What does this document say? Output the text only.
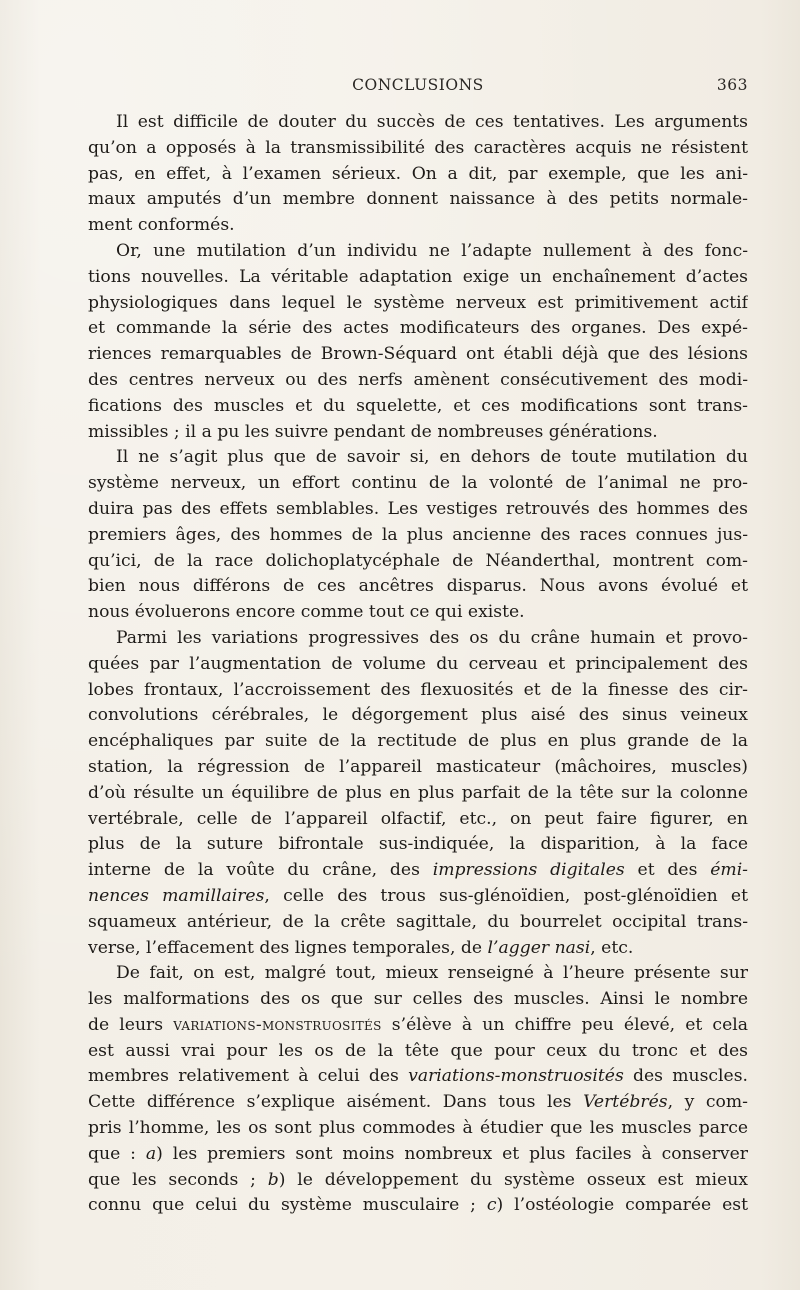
CONCLUSIONS	363
Il est difficile de douter du succès de ces tentatives. Les arguments
qu’on a opposés à la transmissibilité des caractères acquis ne résistent
pas, en effet, à l’examen sérieux. On a dit, par exemple, que les ani-
maux amputés d’un membre donnent naissance à des petits normale-
ment conformés.
Or, une mutilation d’un individu ne l’adapte nullement à des fonc-
tions nouvelles. La véritable adaptation exige un enchaînement d’actes
physiologiques dans lequel le système nerveux est primitivement actif
et commande la série des actes modificateurs des organes. Des expé-
riences remarquables de Brown-Séquard ont établi déjà que des lésions
des centres nerveux ou des nerfs amènent consécutivement des modi-
fications des muscles et du squelette, et ces modifications sont trans-
missibles ; il a pu les suivre pendant de nombreuses générations.
Il ne s’agit plus que de savoir si, en dehors de toute mutilation du
système nerveux, un effort continu de la volonté de l’animal ne pro-
duira pas des effets semblables. Les vestiges retrouvés des hommes des
premiers âges, des hommes de la plus ancienne des races connues jus-
qu’ici, de la race dolichoplatycéphale de Néanderthal, montrent com-
bien nous différons de ces ancêtres disparus. Nous avons évolué et
nous évoluerons encore comme tout ce qui existe.
Parmi les variations progressives des os du crâne humain et provo-
quées par l’augmentation de volume du cerveau et principalement des
lobes frontaux, l’accroissement des flexuosités et de la finesse des cir-
convolutions cérébrales, le dégorgement plus aisé des sinus veineux
encéphaliques par suite de la rectitude de plus en plus grande de la
station, la régression de l’appareil masticateur (mâchoires, muscles)
d’où résulte un équilibre de plus en plus parfait de la tête sur la colonne
vertébrale, celle de l’appareil olfactif, etc., on peut faire figurer, en
plus de la suture bifrontale sus-indiquée, la disparition, à la face
interne de la voûte du crâne, des impressions digitales et des émi-
nences mamillaires, celle des trous sus-glénoïdien, post-glénoïdien et
squameux antérieur, de la crête sagittale, du bourrelet occipital trans-
verse, l’effacement des lignes temporales, de l’agger nasi, etc.
De fait, on est, malgré tout, mieux renseigné à l’heure présente sur
les malformations des os que sur celles des muscles. Ainsi le nombre
de leurs variations-monstruosités s’élève à un chiffre peu élevé, et cela
est aussi vrai pour les os de la tête que pour ceux du tronc et des
membres relativement à celui des variations-monstruosités des muscles.
Cette différence s’explique aisément. Dans tous les Vertébrés, y com-
pris l’homme, les os sont plus commodes à étudier que les muscles parce
que : a) les premiers sont moins nombreux et plus faciles à conserver
que les seconds ; b) le développement du système osseux est mieux
connu que celui du système musculaire ; c) l’ostéologie comparée est
